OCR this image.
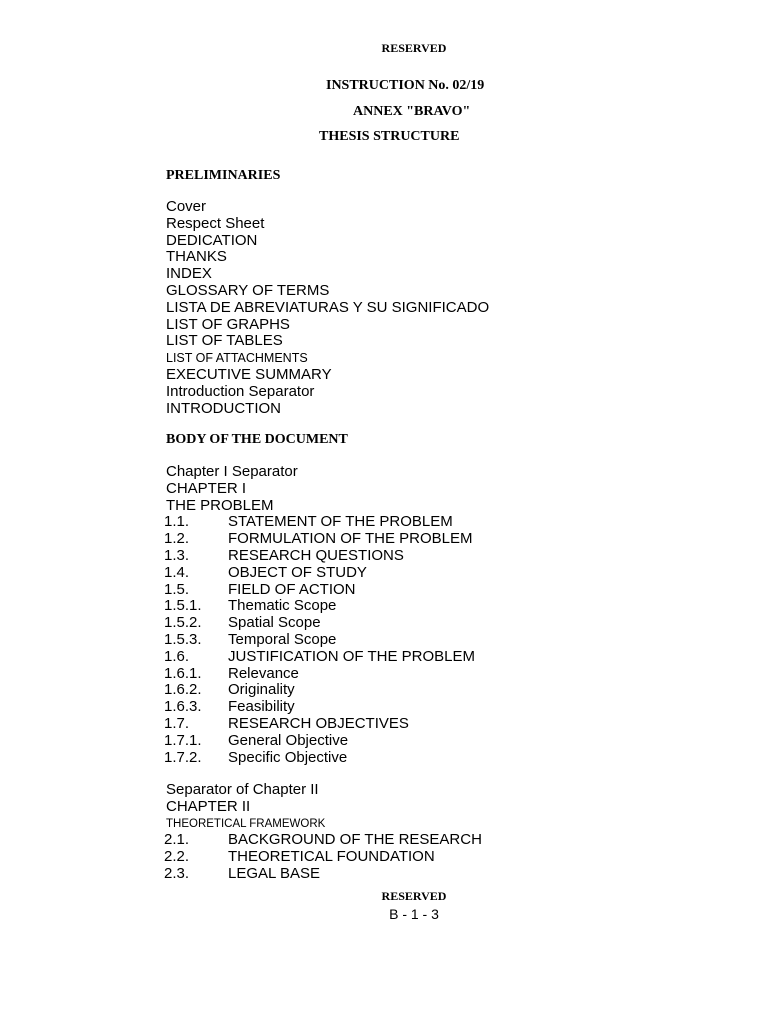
RESERVED
INSTRUCTION No. 02/19
ANNEX "BRAVO"
THESIS STRUCTURE
PRELIMINARIES
Cover
Respect Sheet
DEDICATION
THANKS
INDEX
GLOSSARY OF TERMS
LISTA DE ABREVIATURAS Y SU SIGNIFICADO
LIST OF GRAPHS
LIST OF TABLES
LIST OF ATTACHMENTS
EXECUTIVE SUMMARY
Introduction Separator
INTRODUCTION
BODY OF THE DOCUMENT
Chapter I Separator
CHAPTER I
THE PROBLEM
1.1.	STATEMENT OF THE PROBLEM
1.2.	FORMULATION OF THE PROBLEM
1.3.	RESEARCH QUESTIONS
1.4.	OBJECT OF STUDY
1.5.	FIELD OF ACTION
1.5.1. Thematic Scope
1.5.2. Spatial Scope
1.5.3. Temporal Scope
1.6.	JUSTIFICATION OF THE PROBLEM
1.6.1. Relevance
1.6.2. Originality
1.6.3. Feasibility
1.7.	RESEARCH OBJECTIVES
1.7.1. General Objective
1.7.2. Specific Objective
Separator of Chapter II
CHAPTER II
THEORETICAL FRAMEWORK
2.1.	BACKGROUND OF THE RESEARCH
2.2.	THEORETICAL FOUNDATION
2.3.	LEGAL BASE
RESERVED
B - 1 - 3
